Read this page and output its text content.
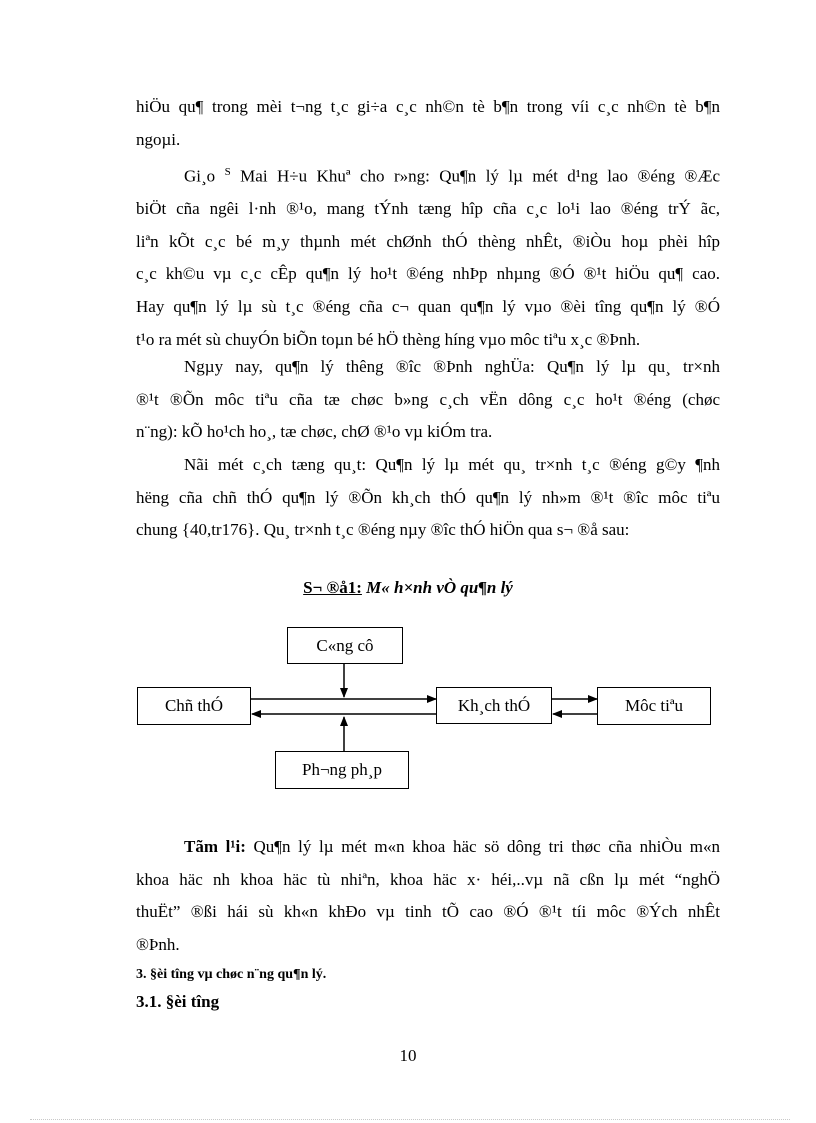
hiÖu qu¶ trong mèi t¬ng t¸c gi÷a c¸c nh©n tè b¶n trong víi c¸c nh©n tè b¶n
ngoµi.

Gi¸o $^S$ Mai H÷u Khuª cho r»ng: Qu¶n lý lµ mét d¹ng lao ®éng ®Æc
biÖt cña ngêi l·nh ®¹o, mang tÝnh tæng hîp cña c¸c lo¹i lao ®éng trÝ ãc,
liªn kÕt c¸c bé m¸y thµnh mét chØnh thÓ thèng nhÊt, ®iÒu hoµ phèi hîp
c¸c kh©u vµ c¸c cÊp qu¶n lý ho¹t ®éng nhÞp nhµng ®Ó ®¹t hiÖu qu¶ cao.
Hay qu¶n lý lµ sù t¸c ®éng cña c¬ quan qu¶n lý vµo ®èi tîng qu¶n lý ®Ó
t¹o ra mét sù chuyÓn biÕn toµn bé hÖ thèng híng vµo môc tiªu x¸c ®Þnh.

Ngµy nay, qu¶n lý thêng ®îc ®Þnh nghÜa: Qu¶n lý lµ qu¸ tr×nh
®¹t ®Õn môc tiªu cña tæ chøc b»ng c¸ch vËn dông c¸c ho¹t ®éng (chøc
n¨ng): kÕ ho¹ch ho¸, tæ chøc, chØ ®¹o vµ kiÓm tra.

Nãi mét c¸ch tæng qu¸t: Qu¶n lý lµ mét qu¸ tr×nh t¸c ®éng g©y ¶nh
hëng cña chñ thÓ qu¶n lý ®Õn kh¸ch thÓ qu¶n lý nh»m ®¹t ®îc môc tiªu
chung {40,tr176}. Qu¸ tr×nh t¸c ®éng nµy ®îc thÓ hiÖn qua s¬ ®å sau:

S¬ ®å1: M« h×nh vÒ qu¶n lý
C«ng cô
Chñ thÓ	Kh¸ch thÓ	Môc tiªu
Ph¬ng ph¸p

Tãm l¹i: Qu¶n lý lµ mét m«n khoa häc sö dông tri thøc cña nhiÒu m«n
khoa häc nh khoa häc tù nhiªn, khoa häc x· héi,..vµ nã cßn lµ mét “nghÖ
thuËt” ®ßi hái sù kh«n khÐo vµ tinh tÕ cao ®Ó ®¹t tíi môc ®Ých nhÊt
®Þnh.

3. §èi tîng vµ chøc n¨ng qu¶n lý.
3.1. §èi tîng
10
